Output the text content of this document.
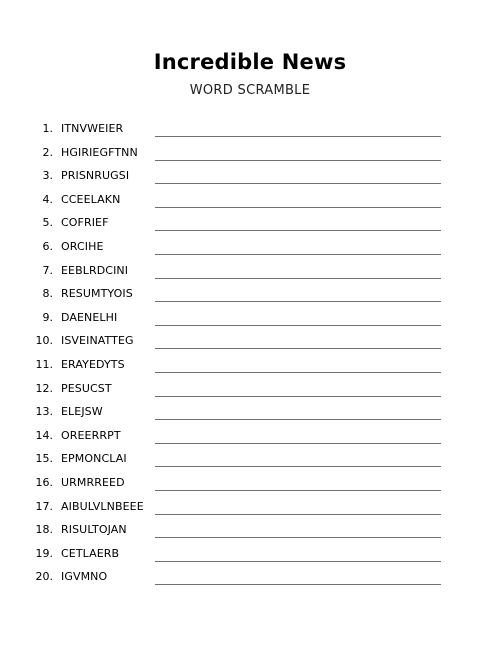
Incredible News
WORD SCRAMBLE
1. ITNVWEIER
2. HGIRIEGFTNN
3. PRISNRUGSI
4. CCEELAKN
5. COFRIEF
6. ORCIHE
7. EEBLRDCINI
8. RESUMTYOIS
9. DAENELHI
10. ISVEINATTEG
11. ERAYEDYTS
12. PESUCST
13. ELEJSW
14. OREERRPT
15. EPMONCLAI
16. URMRREED
17. AIBULVLNBEEE
18. RISULTOJAN
19. CETLAERB
20. IGVMNO
